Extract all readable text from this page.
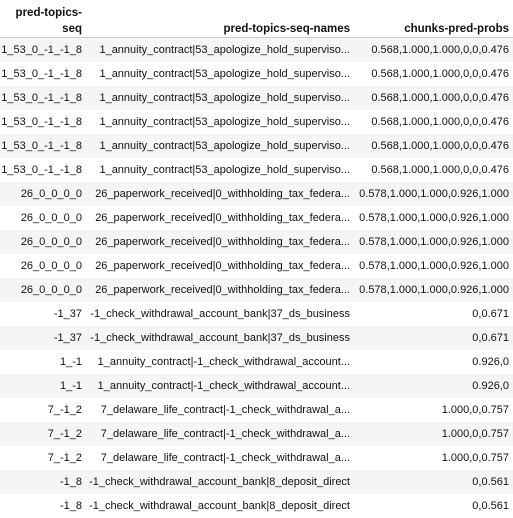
pred-topics-seq	pred-topics-seq-names	chunks-pred-probs
1_53_0_-1_-1_8	1_annuity_contract|53_apologize_hold_superviso...	0.568,1.000,1.000,0,0,0.476
1_53_0_-1_-1_8	1_annuity_contract|53_apologize_hold_superviso...	0.568,1.000,1.000,0,0,0.476
1_53_0_-1_-1_8	1_annuity_contract|53_apologize_hold_superviso...	0.568,1.000,1.000,0,0,0.476
1_53_0_-1_-1_8	1_annuity_contract|53_apologize_hold_superviso...	0.568,1.000,1.000,0,0,0.476
1_53_0_-1_-1_8	1_annuity_contract|53_apologize_hold_superviso...	0.568,1.000,1.000,0,0,0.476
1_53_0_-1_-1_8	1_annuity_contract|53_apologize_hold_superviso...	0.568,1.000,1.000,0,0,0.476
26_0_0_0_0	26_paperwork_received|0_withholding_tax_federa...	0.578,1.000,1.000,0.926,1.000
26_0_0_0_0	26_paperwork_received|0_withholding_tax_federa...	0.578,1.000,1.000,0.926,1.000
26_0_0_0_0	26_paperwork_received|0_withholding_tax_federa...	0.578,1.000,1.000,0.926,1.000
26_0_0_0_0	26_paperwork_received|0_withholding_tax_federa...	0.578,1.000,1.000,0.926,1.000
26_0_0_0_0	26_paperwork_received|0_withholding_tax_federa...	0.578,1.000,1.000,0.926,1.000
-1_37	-1_check_withdrawal_account_bank|37_ds_business	0,0.671
-1_37	-1_check_withdrawal_account_bank|37_ds_business	0,0.671
1_-1	1_annuity_contract|-1_check_withdrawal_account...	0.926,0
1_-1	1_annuity_contract|-1_check_withdrawal_account...	0.926,0
7_-1_2	7_delaware_life_contract|-1_check_withdrawal_a...	1.000,0,0.757
7_-1_2	7_delaware_life_contract|-1_check_withdrawal_a...	1.000,0,0.757
7_-1_2	7_delaware_life_contract|-1_check_withdrawal_a...	1.000,0,0.757
-1_8	-1_check_withdrawal_account_bank|8_deposit_direct	0,0.561
-1_8	-1_check_withdrawal_account_bank|8_deposit_direct	0,0.561
